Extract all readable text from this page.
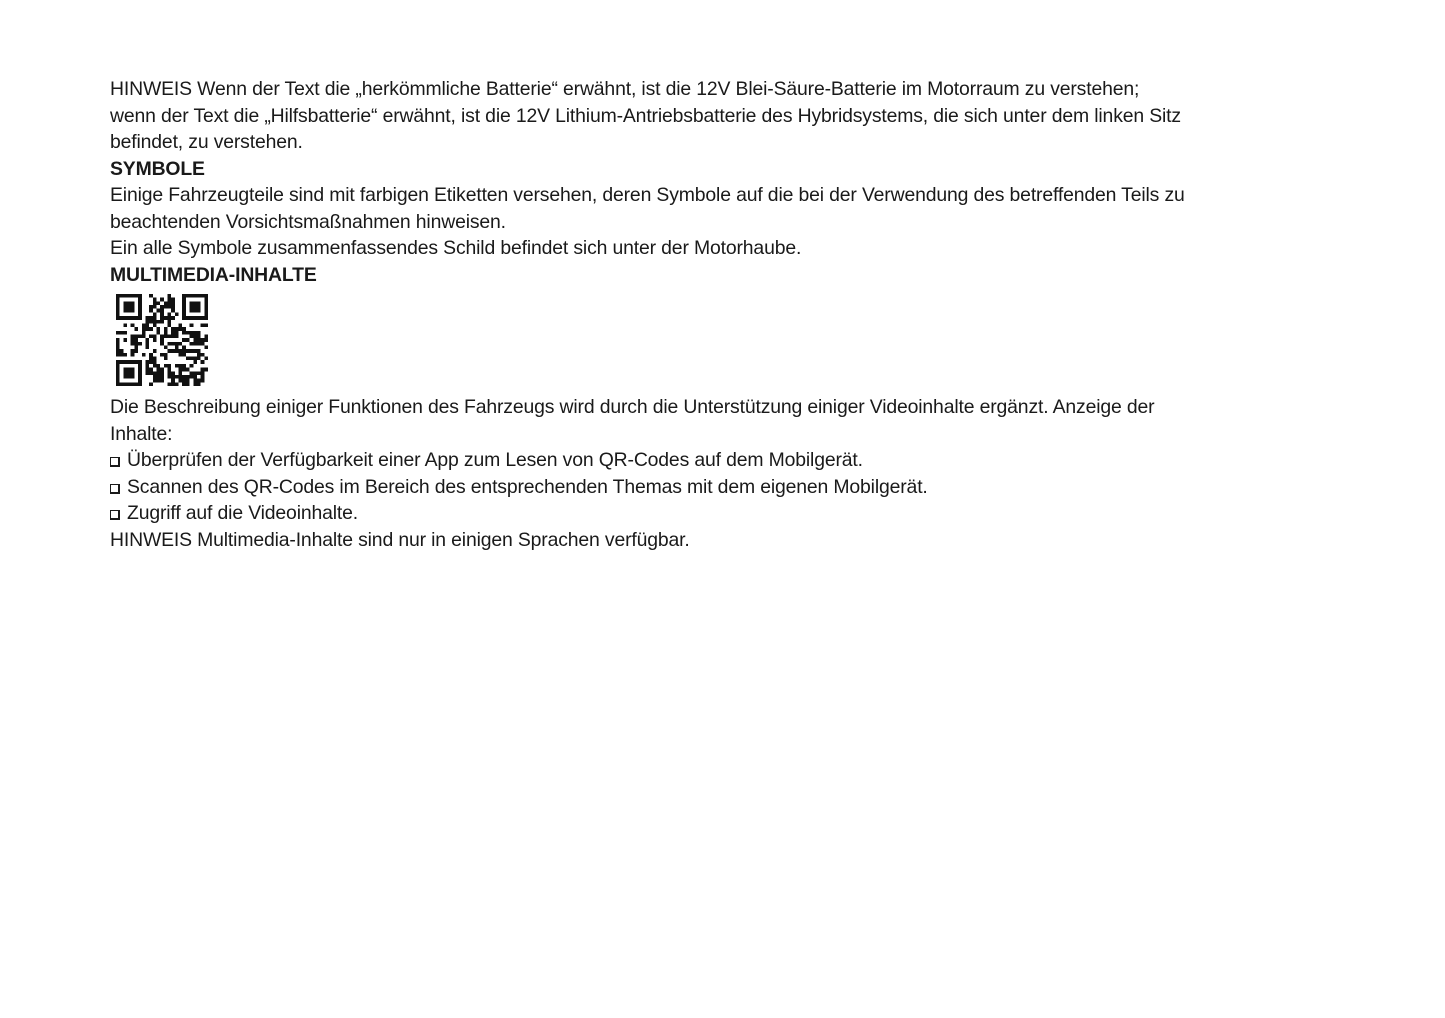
HINWEIS Wenn der Text die „herkömmliche Batterie“ erwähnt, ist die 12V Blei-Säure-Batterie im Motorraum zu verstehen;
wenn der Text die „Hilfsbatterie“ erwähnt, ist die 12V Lithium-Antriebsbatterie des Hybridsystems, die sich unter dem linken Sitz
befindet, zu verstehen.
SYMBOLE
Einige Fahrzeugteile sind mit farbigen Etiketten versehen, deren Symbole auf die bei der Verwendung des betreffenden Teils zu
beachtenden Vorsichtsmaßnahmen hinweisen.
Ein alle Symbole zusammenfassendes Schild befindet sich unter der Motorhaube.
MULTIMEDIA-INHALTE
Die Beschreibung einiger Funktionen des Fahrzeugs wird durch die Unterstützung einiger Videoinhalte ergänzt. Anzeige der
Inhalte:
Überprüfen der Verfügbarkeit einer App zum Lesen von QR-Codes auf dem Mobilgerät.
Scannen des QR-Codes im Bereich des entsprechenden Themas mit dem eigenen Mobilgerät.
Zugriff auf die Videoinhalte.
HINWEIS Multimedia-Inhalte sind nur in einigen Sprachen verfügbar.
